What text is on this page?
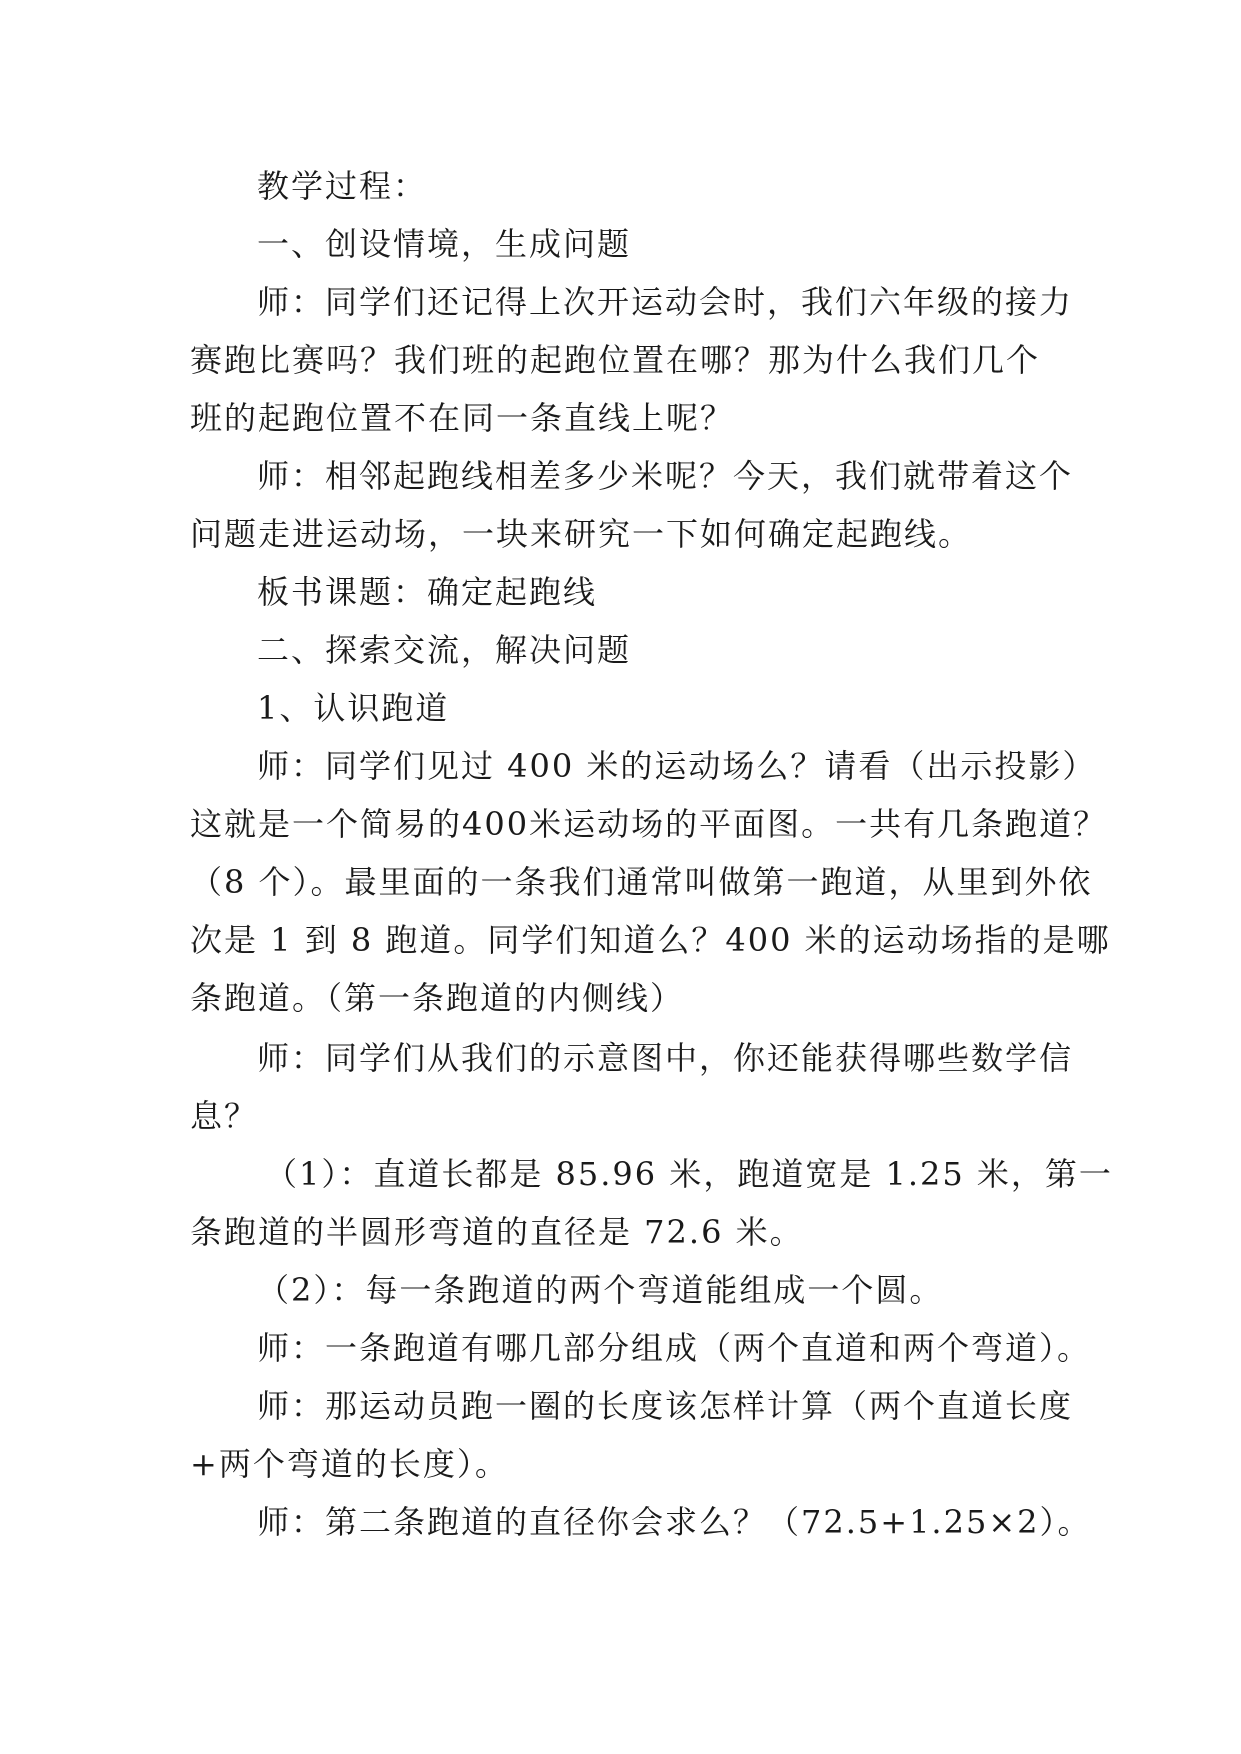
教学过程：
一、创设情境，生成问题
师：同学们还记得上次开运动会时，我们六年级的接力
赛跑比赛吗？我们班的起跑位置在哪？那为什么我们几个
班的起跑位置不在同一条直线上呢？
师：相邻起跑线相差多少米呢？今天，我们就带着这个
问题走进运动场，一块来研究一下如何确定起跑线。
板书课题：确定起跑线
二、探索交流，解决问题
1、认识跑道
师：同学们见过 400 米的运动场么？请看（出示投影）
这就是一个简易的400米运动场的平面图。一共有几条跑道？
（8 个）。最里面的一条我们通常叫做第一跑道，从里到外依
次是 1 到 8 跑道。同学们知道么？400 米的运动场指的是哪
条跑道。（第一条跑道的内侧线）
师：同学们从我们的示意图中，你还能获得哪些数学信
息？
（1）：直道长都是 85.96 米，跑道宽是 1.25 米，第一
条跑道的半圆形弯道的直径是 72.6 米。
（2）：每一条跑道的两个弯道能组成一个圆。
师：一条跑道有哪几部分组成（两个直道和两个弯道）。
师：那运动员跑一圈的长度该怎样计算（两个直道长度
+两个弯道的长度）。
师：第二条跑道的直径你会求么？（72.5+1.25×2）。
